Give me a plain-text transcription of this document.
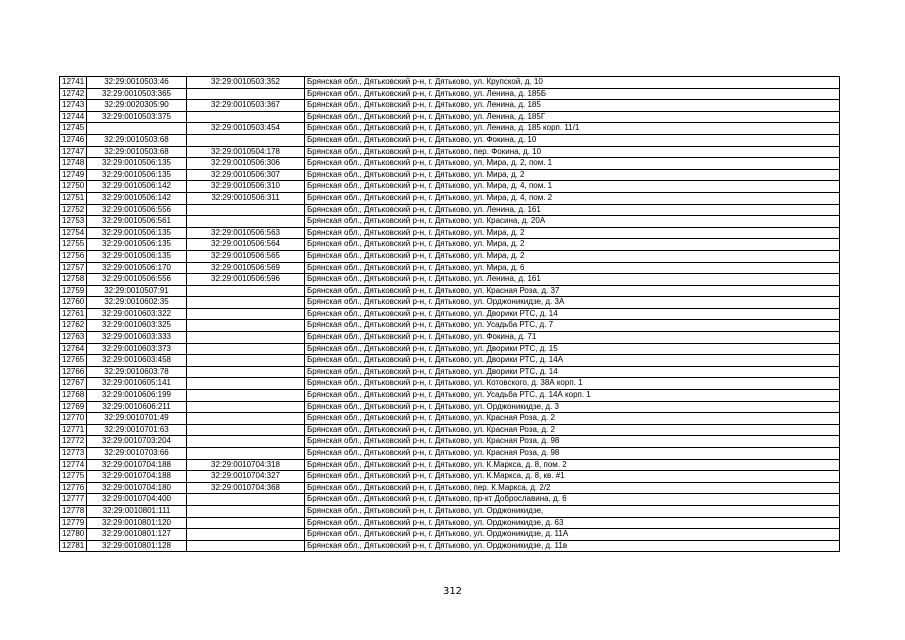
12741	32:29:0010503:46	32:29:0010503:352	Брянская обл., Дятьковский р-н, г. Дятьково, ул. Крупской, д. 10
12742	32:29:0010503:365		Брянская обл., Дятьковский р-н, г. Дятьково, ул. Ленина, д. 185Б
12743	32:29:0020305:90	32:29:0010503:367	Брянская обл., Дятьковский р-н, г. Дятьково, ул. Ленина, д. 185
12744	32:29:0010503:375		Брянская обл., Дятьковский р-н, г. Дятьково, ул. Ленина, д. 185Г
12745		32:29:0010503:454	Брянская обл., Дятьковский р-н, г. Дятьково, ул. Ленина, д. 185 корп. 11/1
12746	32:29:0010503:68		Брянская обл., Дятьковский р-н, г. Дятьково, ул. Фокина, д. 10
12747	32:29:0010503:68	32:29:0010504:178	Брянская обл., Дятьковский р-н, г. Дятьково, пер. Фокина, д. 10
12748	32:29:0010506:135	32:29:0010506:306	Брянская обл., Дятьковский р-н, г. Дятьково, ул. Мира, д. 2, пом. 1
12749	32:29:0010506:135	32:29:0010506:307	Брянская обл., Дятьковский р-н, г. Дятьково, ул. Мира, д. 2
12750	32:29:0010506:142	32:29:0010506:310	Брянская обл., Дятьковский р-н, г. Дятьково, ул. Мира, д. 4, пом. 1
12751	32:29:0010506:142	32:29:0010506:311	Брянская обл., Дятьковский р-н, г. Дятьково, ул. Мира, д. 4, пом. 2
12752	32:29:0010506:556		Брянская обл., Дятьковский р-н, г. Дятьково, ул. Ленина, д. 161
12753	32:29:0010506:561		Брянская обл., Дятьковский р-н, г. Дятьково, ул. Красина, д. 20А
12754	32:29:0010506:135	32:29:0010506:563	Брянская обл., Дятьковский р-н, г. Дятьково, ул. Мира, д. 2
12755	32:29:0010506:135	32:29:0010506:564	Брянская обл., Дятьковский р-н, г. Дятьково, ул. Мира, д. 2
12756	32:29:0010506:135	32:29:0010506:565	Брянская обл., Дятьковский р-н, г. Дятьково, ул. Мира, д. 2
12757	32:29:0010506:170	32:29:0010506:569	Брянская обл., Дятьковский р-н, г. Дятьково, ул. Мира, д. 6
12758	32:29:0010506:556	32:29:0010506:596	Брянская обл., Дятьковский р-н, г. Дятьково, ул. Ленина, д. 161
12759	32:29:0010507:91		Брянская обл., Дятьковский р-н, г. Дятьково, ул. Красная Роза, д. 37
12760	32:29:0010602:35		Брянская обл., Дятьковский р-н, г. Дятьково, ул. Орджоникидзе, д. 3А
12761	32:29:0010603:322		Брянская обл., Дятьковский р-н, г. Дятьково, ул. Дворики РТС, д. 14
12762	32:29:0010603:325		Брянская обл., Дятьковский р-н, г. Дятьково, ул. Усадьба РТС, д. 7
12763	32:29:0010603:333		Брянская обл., Дятьковский р-н, г. Дятьково, ул. Фокина, д. 71
12764	32:29:0010603:373		Брянская обл., Дятьковский р-н, г. Дятьково, ул. Дворики РТС, д. 15
12765	32:29:0010603:458		Брянская обл., Дятьковский р-н, г. Дятьково, ул. Дворики РТС, д. 14А
12766	32:29:0010603:78		Брянская обл., Дятьковский р-н, г. Дятьково, ул. Дворики РТС, д. 14
12767	32:29:0010605:141		Брянская обл., Дятьковский р-н, г. Дятьково, ул. Котовского, д. 38А корп. 1
12768	32:29:0010606:199		Брянская обл., Дятьковский р-н, г. Дятьково, ул. Усадьба РТС, д. 14А корп. 1
12769	32:29:0010606:211		Брянская обл., Дятьковский р-н, г. Дятьково, ул. Орджоникидзе, д. 3
12770	32:29:0010701:49		Брянская обл., Дятьковский р-н, г. Дятьково, ул. Красная Роза, д. 2
12771	32:29:0010701:63		Брянская обл., Дятьковский р-н, г. Дятьково, ул. Красная Роза, д. 2
12772	32:29:0010703:204		Брянская обл., Дятьковский р-н, г. Дятьково, ул. Красная Роза, д. 98
12773	32:29:0010703:66		Брянская обл., Дятьковский р-н, г. Дятьково, ул. Красная Роза, д. 98
12774	32:29:0010704:188	32:29:0010704:318	Брянская обл., Дятьковский р-н, г. Дятьково, ул. К.Маркса, д. 8, пом. 2
12775	32:29:0010704:188	32:29:0010704:327	Брянская обл., Дятьковский р-н, г. Дятьково, ул. К.Маркса, д. 8, кв. #1
12776	32:29:0010704:180	32:29:0010704:368	Брянская обл., Дятьковский р-н, г. Дятьково, пер. К.Маркса, д. 2/2
12777	32:29:0010704:400		Брянская обл., Дятьковский р-н, г. Дятьково, пр-кт Доброславина, д. 6
12778	32:29:0010801:111		Брянская обл., Дятьковский р-н, г. Дятьково, ул. Орджоникидзе,
12779	32:29:0010801:120		Брянская обл., Дятьковский р-н, г. Дятьково, ул. Орджоникидзе, д. 63
12780	32:29:0010801:127		Брянская обл., Дятьковский р-н, г. Дятьково, ул. Орджоникидзе, д. 11А
12781	32:29:0010801:128		Брянская обл., Дятьковский р-н, г. Дятьково, ул. Орджоникидзе, д. 11в
312
